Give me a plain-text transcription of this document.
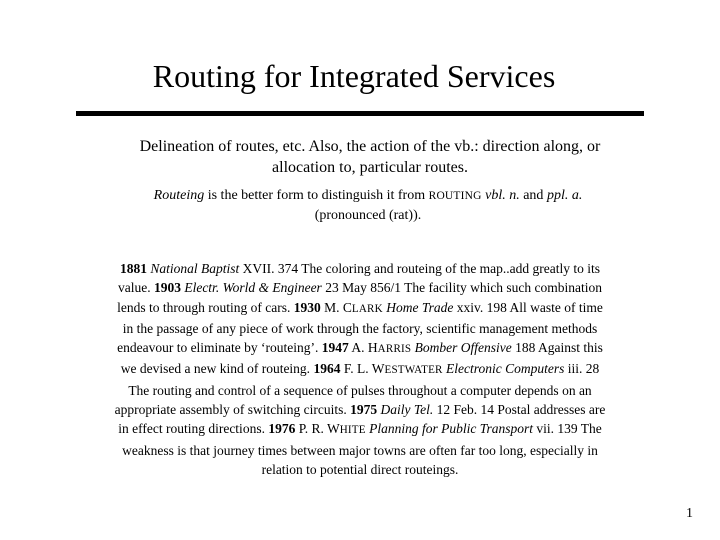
Routing for Integrated Services
Delineation of routes, etc. Also, the action of the vb.: direction along, or allocation to, particular routes.
Routeing is the better form to distinguish it from ROUTING vbl. n. and ppl. a. (pronounced (rat)).
1881 National Baptist XVII. 374 The coloring and routeing of the map..add greatly to its value. 1903 Electr. World & Engineer 23 May 856/1 The facility which such combination lends to through routing of cars. 1930 M. CLARK Home Trade xxiv. 198 All waste of time in the passage of any piece of work through the factory, scientific management methods endeavour to eliminate by ‘routeing’. 1947 A. HARRIS Bomber Offensive 188 Against this we devised a new kind of routeing. 1964 F. L. WESTWATER Electronic Computers iii. 28 The routing and control of a sequence of pulses throughout a computer depends on an appropriate assembly of switching circuits. 1975 Daily Tel. 12 Feb. 14 Postal addresses are in effect routing directions. 1976 P. R. WHITE Planning for Public Transport vii. 139 The weakness is that journey times between major towns are often far too long, especially in relation to potential direct routeings.
1
